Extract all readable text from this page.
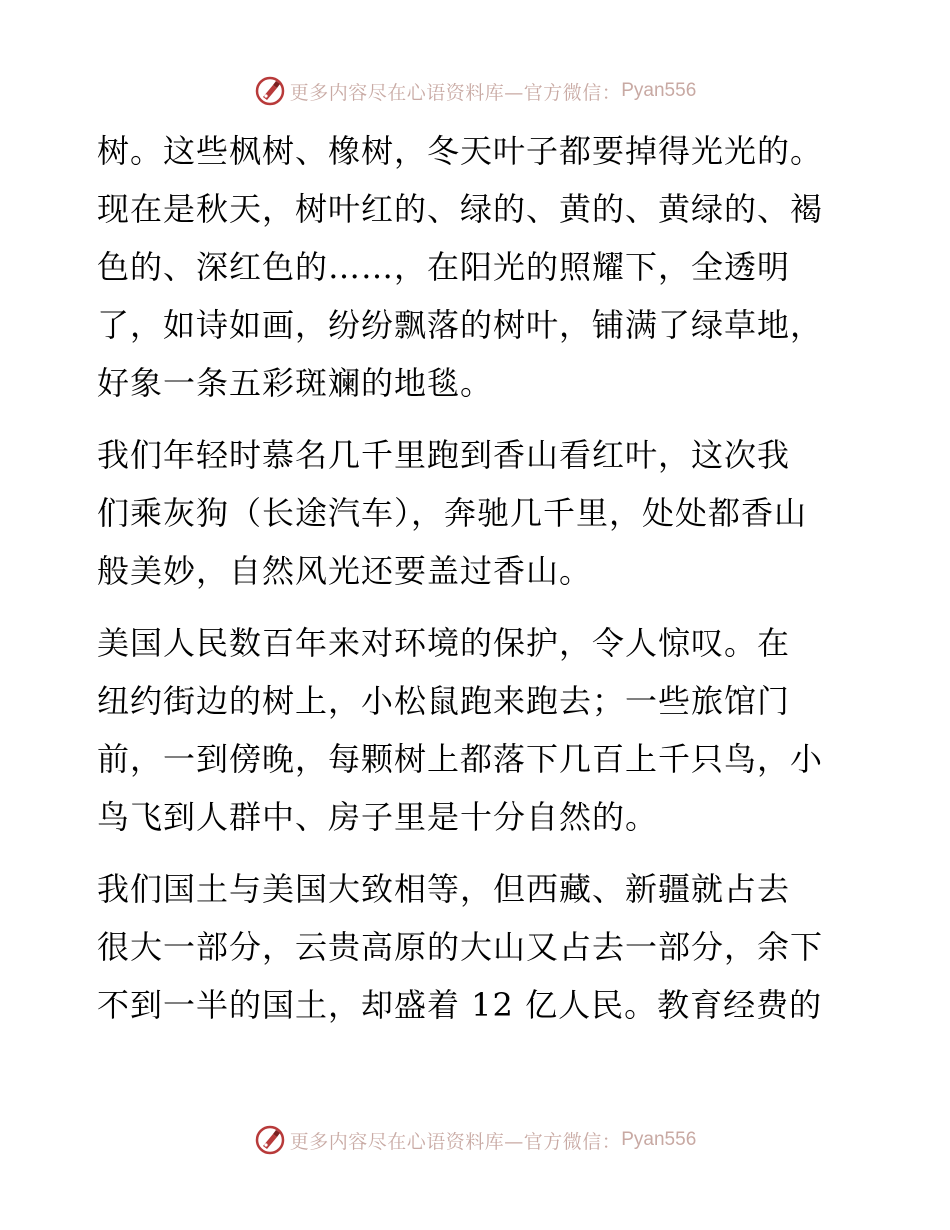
更多内容尽在心语资料库—官方微信： Pyan556

树。这些枫树、橡树，冬天叶子都要掉得光光的。
现在是秋天，树叶红的、绿的、黄的、黄绿的、褐
色的、深红色的……，在阳光的照耀下，全透明
了，如诗如画，纷纷飘落的树叶，铺满了绿草地，
好象一条五彩斑斓的地毯。

我们年轻时慕名几千里跑到香山看红叶，这次我
们乘灰狗（长途汽车），奔驰几千里，处处都香山
般美妙，自然风光还要盖过香山。

美国人民数百年来对环境的保护，令人惊叹。在
纽约街边的树上，小松鼠跑来跑去；一些旅馆门
前，一到傍晚，每颗树上都落下几百上千只鸟，小
鸟飞到人群中、房子里是十分自然的。

我们国土与美国大致相等，但西藏、新疆就占去
很大一部分，云贵高原的大山又占去一部分，余下
不到一半的国土，却盛着 12 亿人民。教育经费的

更多内容尽在心语资料库—官方微信： Pyan556
